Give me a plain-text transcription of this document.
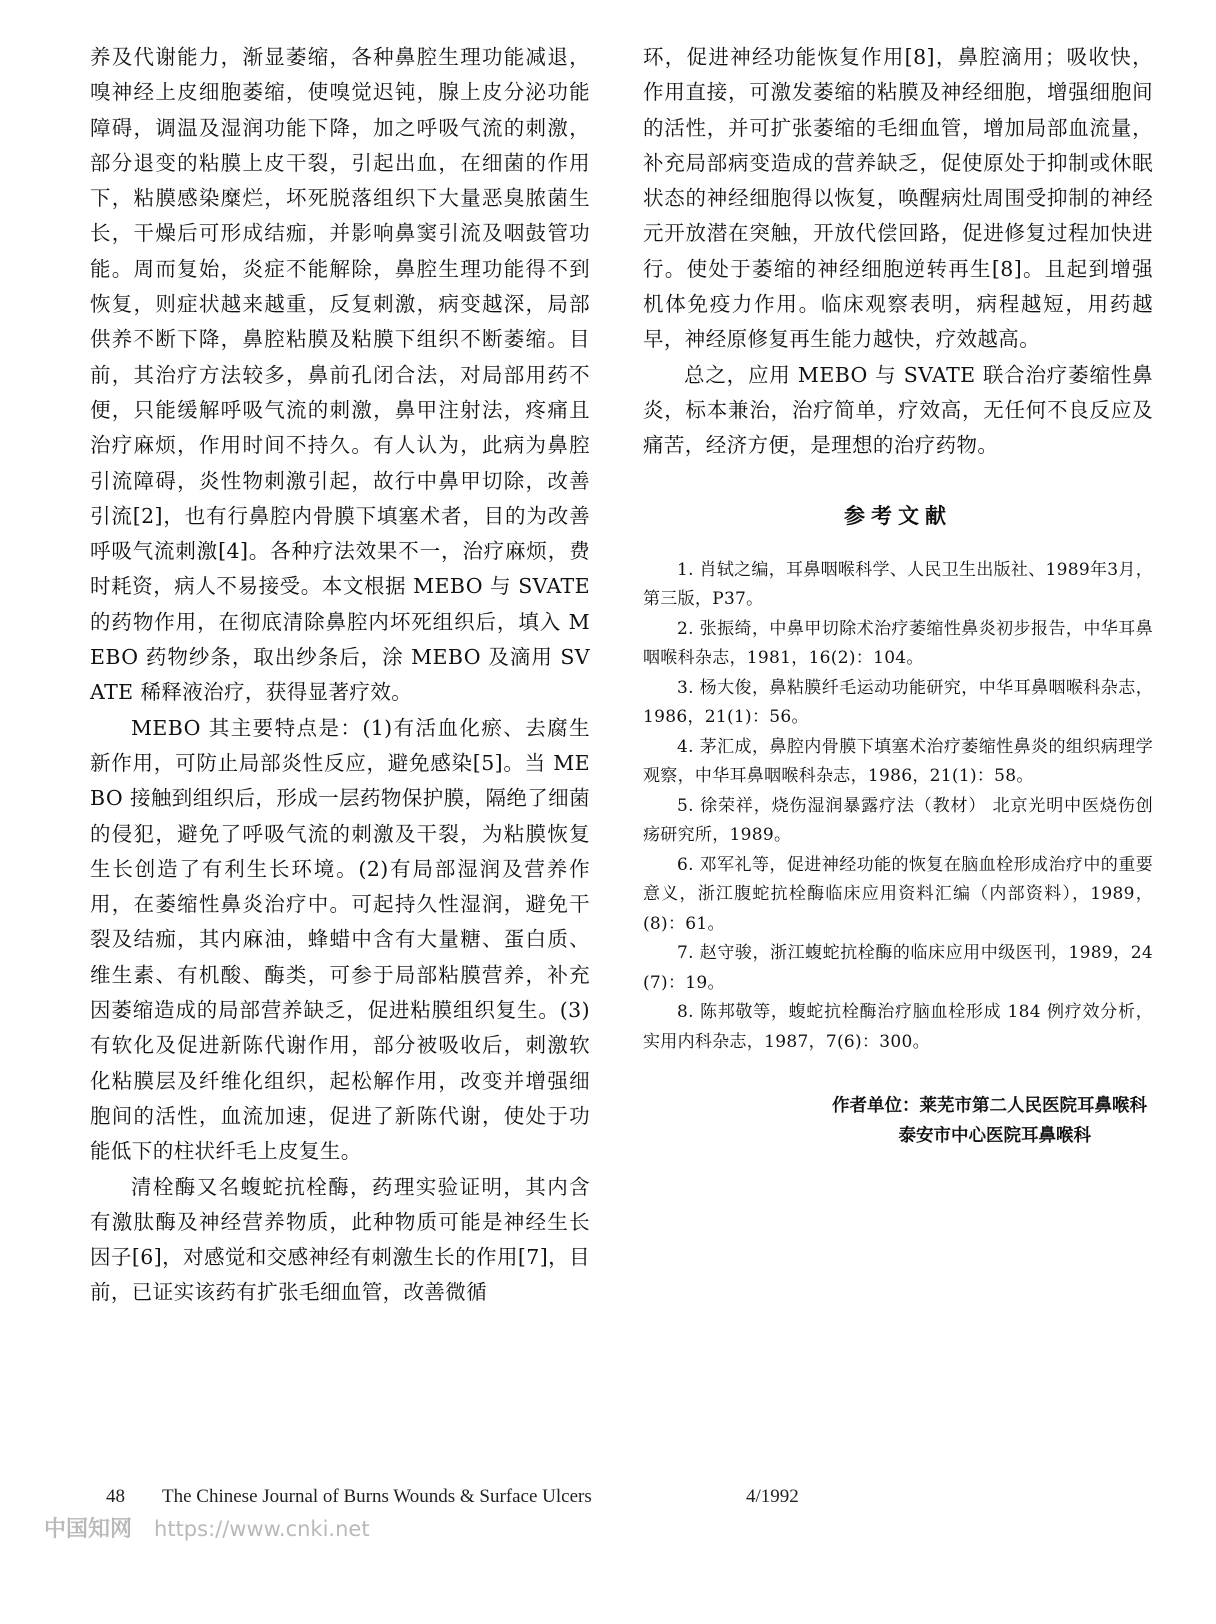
养及代谢能力，渐显萎缩，各种鼻腔生理功能减退，嗅神经上皮细胞萎缩，使嗅觉迟钝，腺上皮分泌功能障碍，调温及湿润功能下降，加之呼吸气流的刺激，部分退变的粘膜上皮干裂，引起出血，在细菌的作用下，粘膜感染糜烂，坏死脱落组织下大量恶臭脓菌生长，干燥后可形成结痂，并影响鼻窦引流及咽鼓管功能。周而复始，炎症不能解除，鼻腔生理功能得不到恢复，则症状越来越重，反复刺激，病变越深，局部供养不断下降，鼻腔粘膜及粘膜下组织不断萎缩。目前，其治疗方法较多，鼻前孔闭合法，对局部用药不便，只能缓解呼吸气流的刺激，鼻甲注射法，疼痛且治疗麻烦，作用时间不持久。有人认为，此病为鼻腔引流障碍，炎性物刺激引起，故行中鼻甲切除，改善引流[2]，也有行鼻腔内骨膜下填塞术者，目的为改善呼吸气流刺激[4]。各种疗法效果不一，治疗麻烦，费时耗资，病人不易接受。本文根据 MEBO 与 SVATE 的药物作用，在彻底清除鼻腔内坏死组织后，填入 MEBO 药物纱条，取出纱条后，涂 MEBO 及滴用 SVATE 稀释液治疗，获得显著疗效。

MEBO 其主要特点是：(1)有活血化瘀、去腐生新作用，可防止局部炎性反应，避免感染[5]。当 MEBO 接触到组织后，形成一层药物保护膜，隔绝了细菌的侵犯，避免了呼吸气流的刺激及干裂，为粘膜恢复生长创造了有利生长环境。(2)有局部湿润及营养作用，在萎缩性鼻炎治疗中。可起持久性湿润，避免干裂及结痂，其内麻油，蜂蜡中含有大量糖、蛋白质、维生素、有机酸、酶类，可参于局部粘膜营养，补充因萎缩造成的局部营养缺乏，促进粘膜组织复生。(3)有软化及促进新陈代谢作用，部分被吸收后，刺激软化粘膜层及纤维化组织，起松解作用，改变并增强细胞间的活性，血流加速，促进了新陈代谢，使处于功能低下的柱状纤毛上皮复生。

清栓酶又名蝮蛇抗栓酶，药理实验证明，其内含有激肽酶及神经营养物质，此种物质可能是神经生长因子[6]，对感觉和交感神经有刺激生长的作用[7]，目前，已证实该药有扩张毛细血管，改善微循

环，促进神经功能恢复作用[8]，鼻腔滴用；吸收快，作用直接，可激发萎缩的粘膜及神经细胞，增强细胞间的活性，并可扩张萎缩的毛细血管，增加局部血流量，补充局部病变造成的营养缺乏，促使原处于抑制或休眠状态的神经细胞得以恢复，唤醒病灶周围受抑制的神经元开放潜在突触，开放代偿回路，促进修复过程加快进行。使处于萎缩的神经细胞逆转再生[8]。且起到增强机体免疫力作用。临床观察表明，病程越短，用药越早，神经原修复再生能力越快，疗效越高。

总之，应用 MEBO 与 SVATE 联合治疗萎缩性鼻炎，标本兼治，治疗简单，疗效高，无任何不良反应及痛苦，经济方便，是理想的治疗药物。

参考文献

1. 肖轼之编，耳鼻咽喉科学、人民卫生出版社、1989年3月，第三版，P37。

2. 张振绮，中鼻甲切除术治疗萎缩性鼻炎初步报告，中华耳鼻咽喉科杂志，1981，16(2)：104。

3. 杨大俊，鼻粘膜纤毛运动功能研究，中华耳鼻咽喉科杂志，1986，21(1)：56。

4. 茅汇成，鼻腔内骨膜下填塞术治疗萎缩性鼻炎的组织病理学观察，中华耳鼻咽喉科杂志，1986，21(1)：58。

5. 徐荣祥，烧伤湿润暴露疗法（教材） 北京光明中医烧伤创疡研究所，1989。

6. 邓军礼等，促进神经功能的恢复在脑血栓形成治疗中的重要意义，浙江腹蛇抗栓酶临床应用资料汇编（内部资料），1989，(8)：61。

7. 赵守骏，浙江蝮蛇抗栓酶的临床应用中级医刊，1989，24(7)：19。

8. 陈邦敬等，蝮蛇抗栓酶治疗脑血栓形成 184 例疗效分析，实用内科杂志，1987，7(6)：300。

作者单位：莱芜市第二人民医院耳鼻喉科
泰安市中心医院耳鼻喉科
48 The Chinese Journal of Burns Wounds & Surface Ulcers	4/1992
中国知网 https://www.cnki.net
